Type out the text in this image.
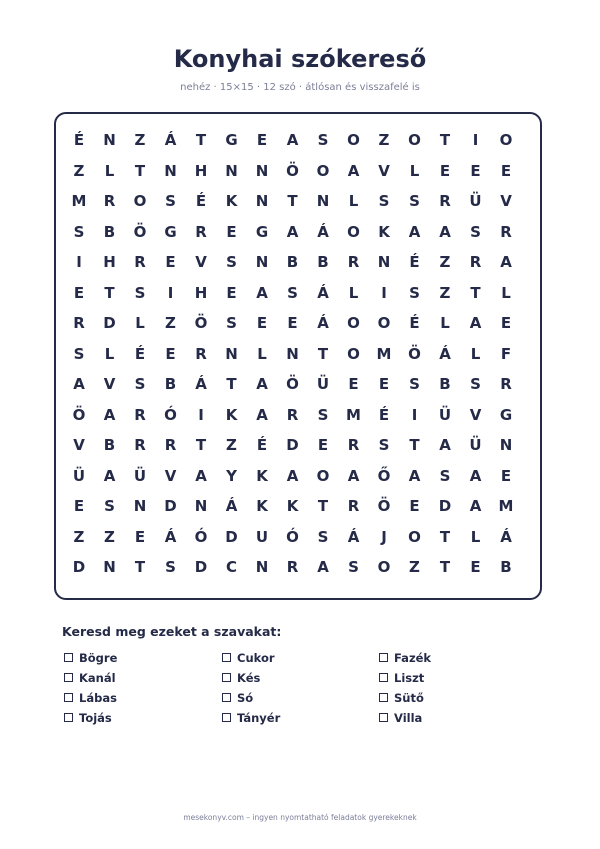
Konyhai szókereső
nehéz · 15×15 · 12 szó · átlósan és visszafelé is
É	N	Z	Á	T	G	E	A	S	O	Z	O	T	I	O
Z	L	T	N	H	N	N	Ö	O	A	V	L	E	E	E
M	R	O	S	É	K	N	T	N	L	S	S	R	Ü	V
S	B	Ö	G	R	E	G	A	Á	O	K	A	A	S	R
I	H	R	E	V	S	N	B	B	R	N	É	Z	R	A
E	T	S	I	H	E	A	S	Á	L	I	S	Z	T	L
R	D	L	Z	Ö	S	E	E	Á	O	O	É	L	A	E
S	L	É	E	R	N	L	N	T	O	M	Ö	Á	L	F
A	V	S	B	Á	T	A	Ö	Ü	E	E	S	B	S	R
Ö	A	R	Ó	I	K	A	R	S	M	É	I	Ü	V	G
V	B	R	R	T	Z	É	D	E	R	S	T	A	Ü	N
Ü	A	Ü	V	A	Y	K	A	O	A	Ő	A	S	A	E
E	S	N	D	N	Á	K	K	T	R	Ö	E	D	A	M
Z	Z	E	Á	Ó	D	U	Ó	S	Á	J	O	T	L	Á
D	N	T	S	D	C	N	R	A	S	O	Z	T	E	B
Keresd meg ezeket a szavakat:
Bögre
Kanál
Lábas
Tojás
Cukor
Kés
Só
Tányér
Fazék
Liszt
Sütő
Villa
mesekonyv.com – ingyen nyomtatható feladatok gyerekeknek
